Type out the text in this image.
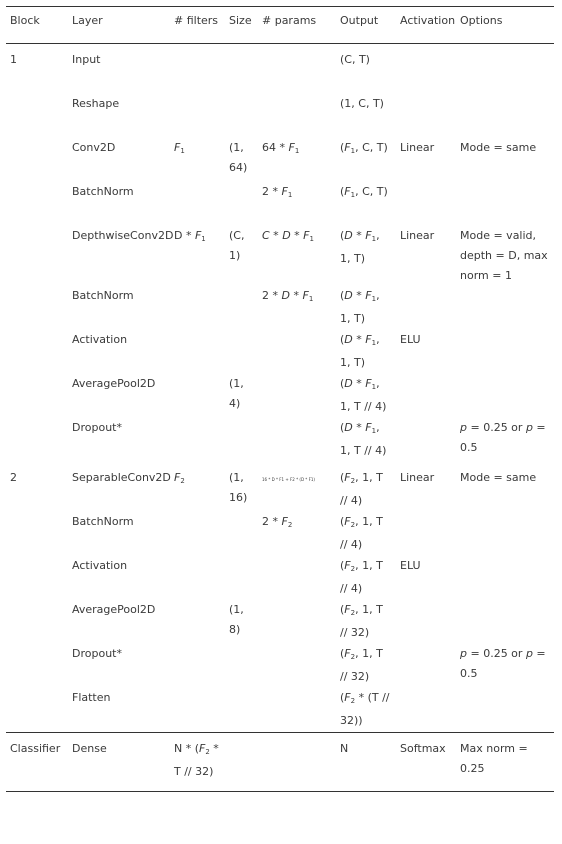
Block	Layer	# filters	Size	# params	Output	Activation	Options
1	Input				(C, T)		
	Reshape				(1, C, T)		
	Conv2D	$F_1$	(1, 64)	$64 * F_1$	($F_1$, C, T)	Linear	Mode = same
	BatchNorm			$2 * F_1$	($F_1$, C, T)		
	DepthwiseConv2D	D * $F_1$	(C, 1)	C * D * $F_1$	($D * F_1$, 1, T)	Linear	Mode = valid, depth = D, max norm = 1
	BatchNorm			2 * D * $F_1$	($D * F_1$, 1, T)		
	Activation				($D * F_1$, 1, T)	ELU	
	AveragePool2D		(1, 4)		($D * F_1$, 1, T // 4)		
	Dropout*				($D * F_1$, 1, T // 4)		p = 0.25 or p = 0.5
2	SeparableConv2D	$F_2$	(1, 16)	16 * D * F1 + F2 * (D * F1)	($F_2$, 1, T // 4)	Linear	Mode = same
	BatchNorm			$2 * F_2$	($F_2$, 1, T // 4)		
	Activation				($F_2$, 1, T // 4)	ELU	
	AveragePool2D		(1, 8)		($F_2$, 1, T // 32)		
	Dropout*				($F_2$, 1, T // 32)		p = 0.25 or p = 0.5
	Flatten				$(F_2 * (T // 32))$		
Classifier	Dense	N * ($F_2$ * T // 32)			N	Softmax	Max norm = 0.25
